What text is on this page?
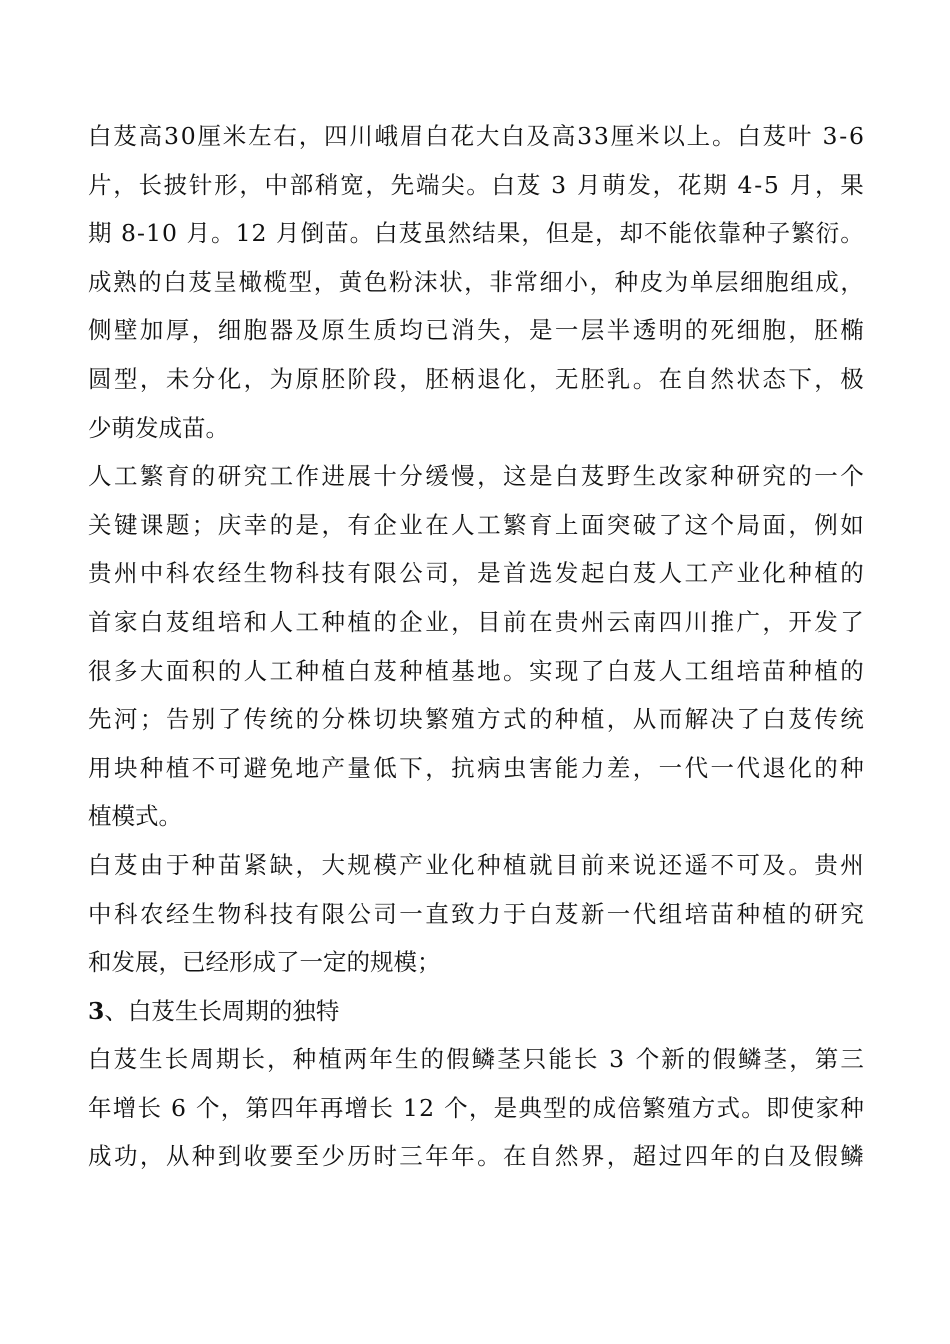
白 芨 高 3 0 厘 米 左 右 ， 四 川 峨 眉 白 花 大 白 及 高 3 3 厘 米 以 上 。 白 芨 叶
3 - 6
片 ， 长 披 针 形 ， 中 部 稍 宽 ， 先 端 尖 。 白 芨
3
月 萌 发 ， 花 期
4 - 5
月 ， 果
期
8 - 1 0
月 。 1 2
月 倒 苗 。 白 芨 虽 然 结 果 ， 但 是 ， 却 不 能 依 靠 种 子 繁 衍 。
成 熟 的 白 芨 呈 橄 榄 型 ， 黄 色 粉 沫 状 ， 非 常 细 小 ， 种 皮 为 单 层 细 胞 组 成 ，
侧 壁 加 厚 ， 细 胞 器 及 原 生 质 均 已 消 失 ， 是 一 层 半 透 明 的 死 细 胞 ， 胚 椭
圆 型 ， 未 分 化 ， 为 原 胚 阶 段 ， 胚 柄 退 化 ， 无 胚 乳 。 在 自 然 状 态 下 ， 极
少萌发成苗。
人 工 繁 育 的 研 究 工 作 进 展 十 分 缓 慢 ， 这 是 白 芨 野 生 改 家 种 研 究 的 一 个
关 键 课 题 ； 庆 幸 的 是 ， 有 企 业 在 人 工 繁 育 上 面 突 破 了 这 个 局 面 ， 例 如
贵 州 中 科 农 经 生 物 科 技 有 限 公 司 ， 是 首 选 发 起 白 芨 人 工 产 业 化 种 植 的
首 家 白 芨 组 培 和 人 工 种 植 的 企 业 ， 目 前 在 贵 州 云 南 四 川 推 广 ， 开 发 了
很 多 大 面 积 的 人 工 种 植 白 芨 种 植 基 地 。 实 现 了 白 芨 人 工 组 培 苗 种 植 的
先 河 ； 告 别 了 传 统 的 分 株 切 块 繁 殖 方 式 的 种 植 ， 从 而 解 决 了 白 芨 传 统
用 块 种 植 不 可 避 免 地 产 量 低 下 ， 抗 病 虫 害 能 力 差 ， 一 代 一 代 退 化 的 种
植模式。
白 芨 由 于 种 苗 紧 缺 ， 大 规 模 产 业 化 种 植 就 目 前 来 说 还 遥 不 可 及 。 贵 州
中 科 农 经 生 物 科 技 有 限 公 司 一 直 致 力 于 白 芨 新 一 代 组 培 苗 种 植 的 研 究
和发展，已经形成了一定的规模；
3 、白芨生长周期的独特
白 芨 生 长 周 期 长 ， 种 植 两 年 生 的 假 鳞 茎 只 能 长
3
个 新 的 假 鳞 茎 ， 第 三
年 增 长
6
个 ， 第 四 年 再 增 长
1 2
个 ， 是 典 型 的 成 倍 繁 殖 方 式 。 即 使 家 种
成 功 ， 从 种 到 收 要 至 少 历 时 三 年 年 。 在 自 然 界 ， 超 过 四 年 的 白 及 假 鳞
